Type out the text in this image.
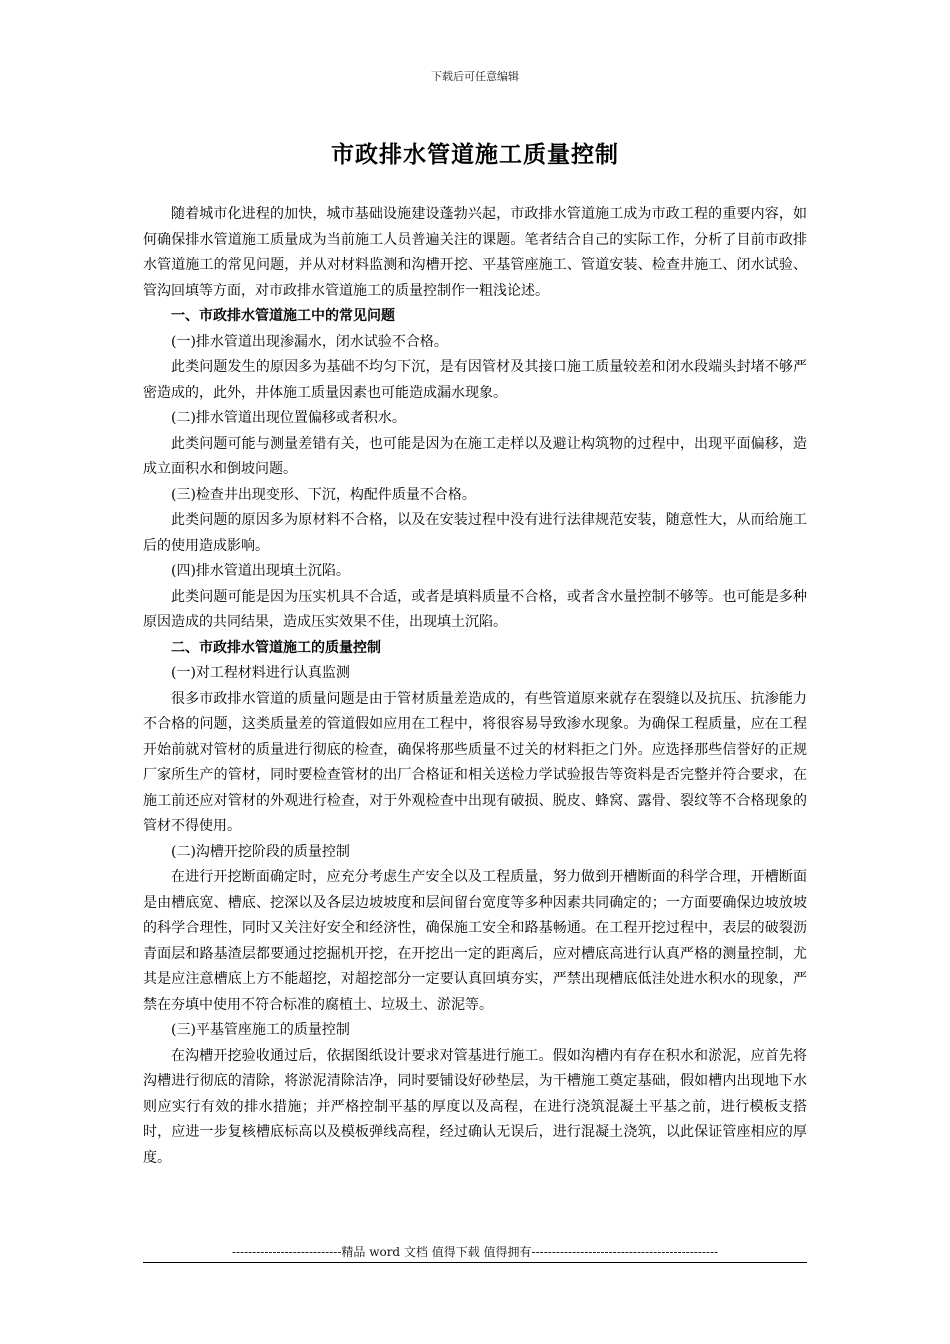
下载后可任意编辑
市政排水管道施工质量控制

随着城市化进程的加快，城市基础设施建设蓬勃兴起，市政排水管道施工成为市政工程的重要内容，如何确保排水管道施工质量成为当前施工人员普遍关注的课题。笔者结合自己的实际工作，分析了目前市政排水管道施工的常见问题，并从对材料监测和沟槽开挖、平基管座施工、管道安装、检查井施工、闭水试验、管沟回填等方面，对市政排水管道施工的质量控制作一粗浅论述。

一、市政排水管道施工中的常见问题

(一)排水管道出现渗漏水，闭水试验不合格。

此类问题发生的原因多为基础不均匀下沉，是有因管材及其接口施工质量较差和闭水段端头封堵不够严密造成的，此外，井体施工质量因素也可能造成漏水现象。

(二)排水管道出现位置偏移或者积水。

此类问题可能与测量差错有关，也可能是因为在施工走样以及避让构筑物的过程中，出现平面偏移，造成立面积水和倒坡问题。

(三)检查井出现变形、下沉，构配件质量不合格。

此类问题的原因多为原材料不合格，以及在安装过程中没有进行法律规范安装，随意性大，从而给施工后的使用造成影响。

(四)排水管道出现填土沉陷。

此类问题可能是因为压实机具不合适，或者是填料质量不合格，或者含水量控制不够等。也可能是多种原因造成的共同结果，造成压实效果不佳，出现填土沉陷。

二、市政排水管道施工的质量控制

(一)对工程材料进行认真监测

很多市政排水管道的质量问题是由于管材质量差造成的，有些管道原来就存在裂缝以及抗压、抗渗能力不合格的问题，这类质量差的管道假如应用在工程中，将很容易导致渗水现象。为确保工程质量，应在工程开始前就对管材的质量进行彻底的检查，确保将那些质量不过关的材料拒之门外。应选择那些信誉好的正规厂家所生产的管材，同时要检查管材的出厂合格证和相关送检力学试验报告等资料是否完整并符合要求，在施工前还应对管材的外观进行检查，对于外观检查中出现有破损、脱皮、蜂窝、露骨、裂纹等不合格现象的管材不得使用。

(二)沟槽开挖阶段的质量控制

在进行开挖断面确定时，应充分考虑生产安全以及工程质量，努力做到开槽断面的科学合理，开槽断面是由槽底宽、槽底、挖深以及各层边坡坡度和层间留台宽度等多种因素共同确定的；一方面要确保边坡放坡的科学合理性，同时又关注好安全和经济性，确保施工安全和路基畅通。在工程开挖过程中，表层的破裂沥青面层和路基渣层都要通过挖掘机开挖，在开挖出一定的距离后，应对槽底高进行认真严格的测量控制，尤其是应注意槽底上方不能超挖，对超挖部分一定要认真回填夯实，严禁出现槽底低洼处进水积水的现象，严禁在夯填中使用不符合标准的腐植土、垃圾土、淤泥等。

(三)平基管座施工的质量控制

在沟槽开挖验收通过后，依据图纸设计要求对管基进行施工。假如沟槽内有存在积水和淤泥，应首先将沟槽进行彻底的清除，将淤泥清除洁净，同时要铺设好砂垫层，为干槽施工奠定基础，假如槽内出现地下水则应实行有效的排水措施；并严格控制平基的厚度以及高程，在进行浇筑混凝土平基之前，进行模板支搭时，应进一步复核槽底标高以及模板弹线高程，经过确认无误后，进行混凝土浇筑，以此保证管座相应的厚度。

---------------------------精品 word 文档 值得下载 值得拥有----------------------------------------------
